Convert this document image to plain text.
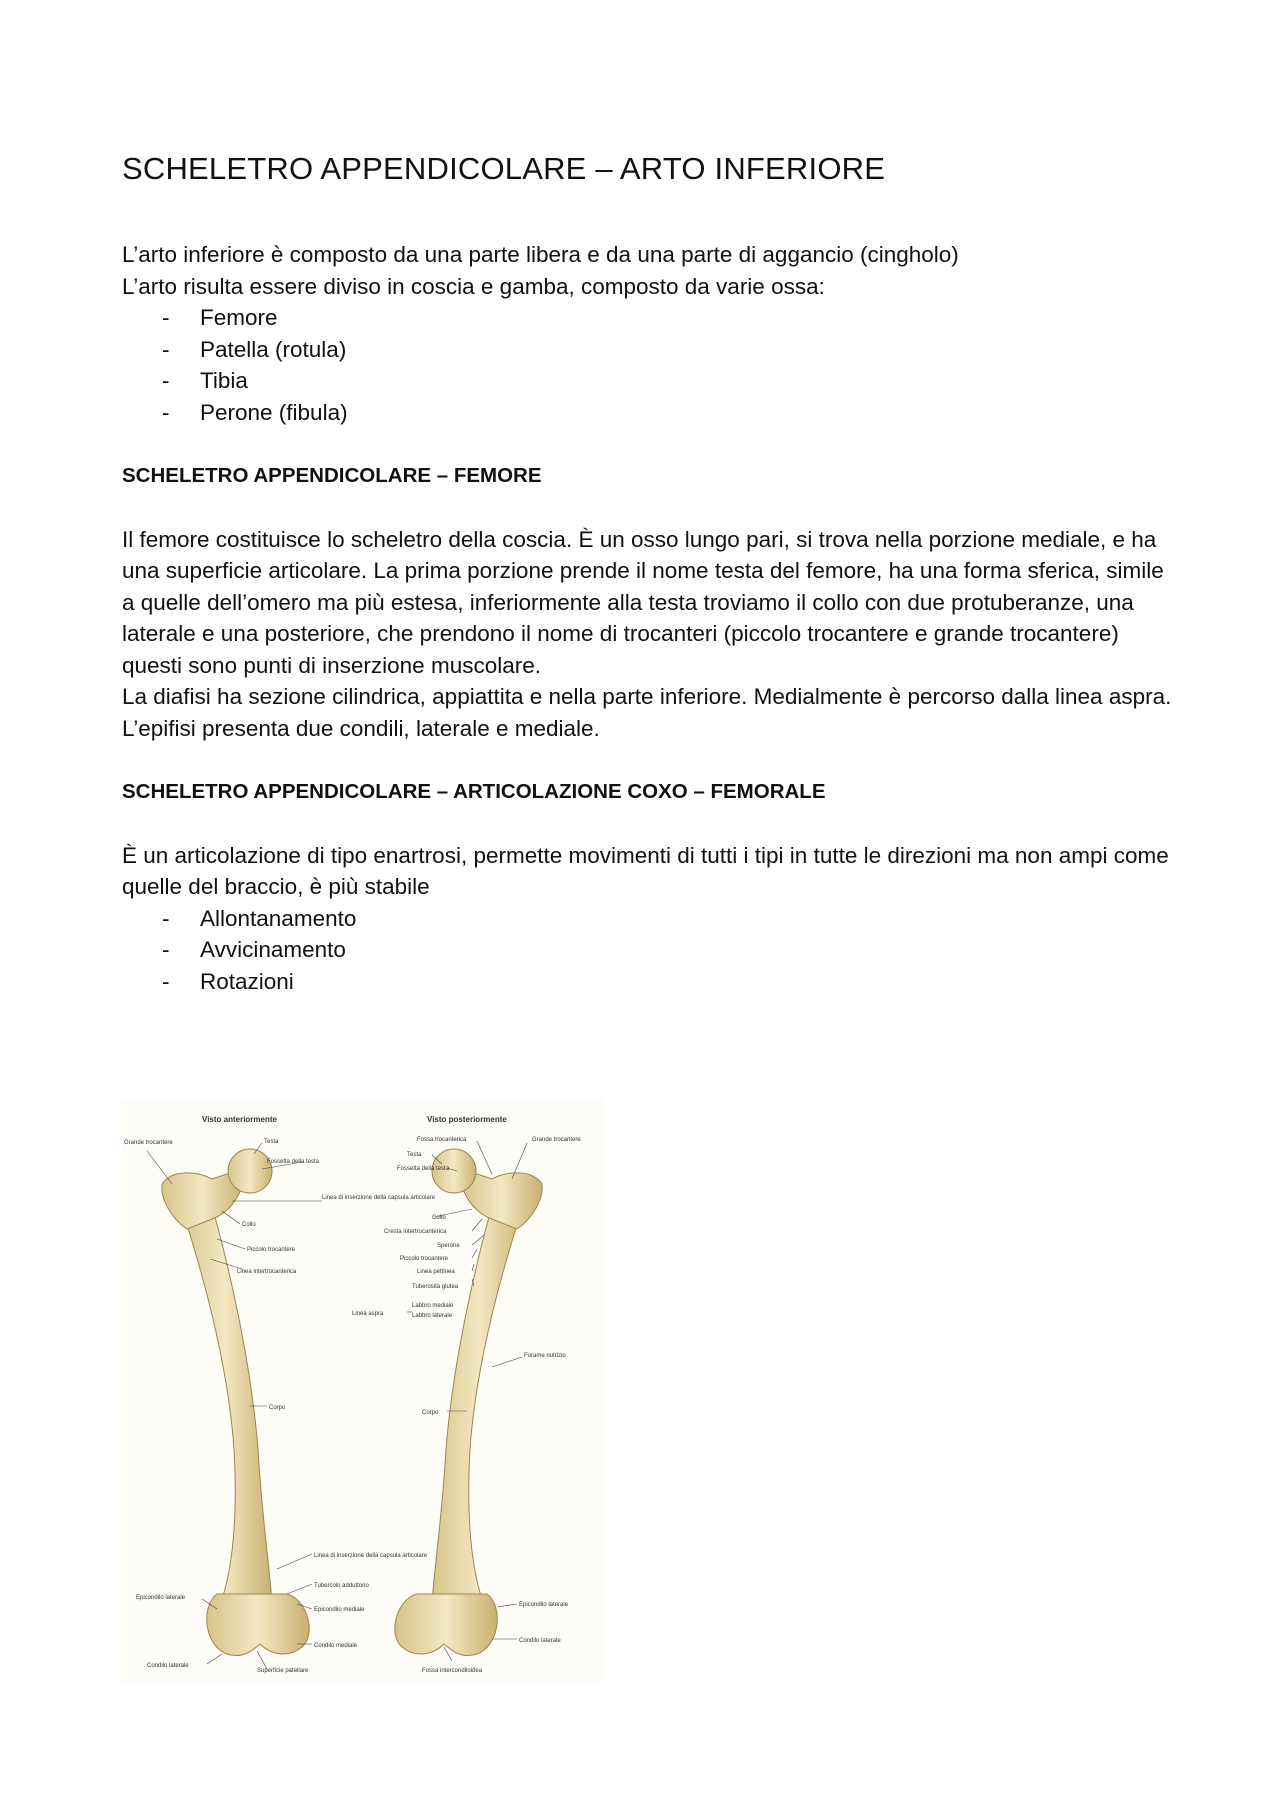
SCHELETRO APPENDICOLARE – ARTO INFERIORE

L’arto inferiore è composto da una parte libera e da una parte di aggancio (cingholo)

L’arto risulta essere diviso in coscia e gamba, composto da varie ossa:

- Femore
- Patella (rotula)
- Tibia
- Perone (fibula)
SCHELETRO APPENDICOLARE – FEMORE

Il femore costituisce lo scheletro della coscia. È un osso lungo pari, si trova nella porzione mediale, e ha una superficie articolare. La prima porzione prende il nome testa del femore, ha una forma sferica, simile a quelle dell’omero ma più estesa, inferiormente alla testa troviamo il collo con due protuberanze, una laterale e una posteriore, che prendono il nome di trocanteri (piccolo trocantere e grande trocantere) questi sono punti di inserzione muscolare.

La diafisi ha sezione cilindrica, appiattita e nella parte inferiore. Medialmente è percorso dalla linea aspra. L’epifisi presenta due condili, laterale e mediale.

SCHELETRO APPENDICOLARE – ARTICOLAZIONE COXO – FEMORALE

È un articolazione di tipo enartrosi, permette movimenti di tutti i tipi in tutte le direzioni ma non ampi come quelle del braccio, è più stabile

- Allontanamento
- Avvicinamento
- Rotazioni
Visto anteriormente	Visto posteriormente
Grande trocantere	Testa
Fossetta della testa
Linea di inserzione della capsula articolare
Collo
Piccolo trocantere
Linea intertrocanterica
Corpo
Linea di inserzione della capsula articolare
Tubercolo adduttorio
Epicondilo laterale
Epicondilo mediale
Condilo mediale
Condilo laterale
Superficie patellare
Fossa trocanterica	Grande trocantere
Testa
Fossetta della testa
Collo
Cresta intertrocanterica
Sperone
Piccolo trocantere
Linea pettinea
Tuberosità glutea
Linea aspra
Labbro mediale
Labbro laterale
Forame nutrizio
Corpo
Epicondilo laterale
Condilo laterale
Fossa intercondiloidea
